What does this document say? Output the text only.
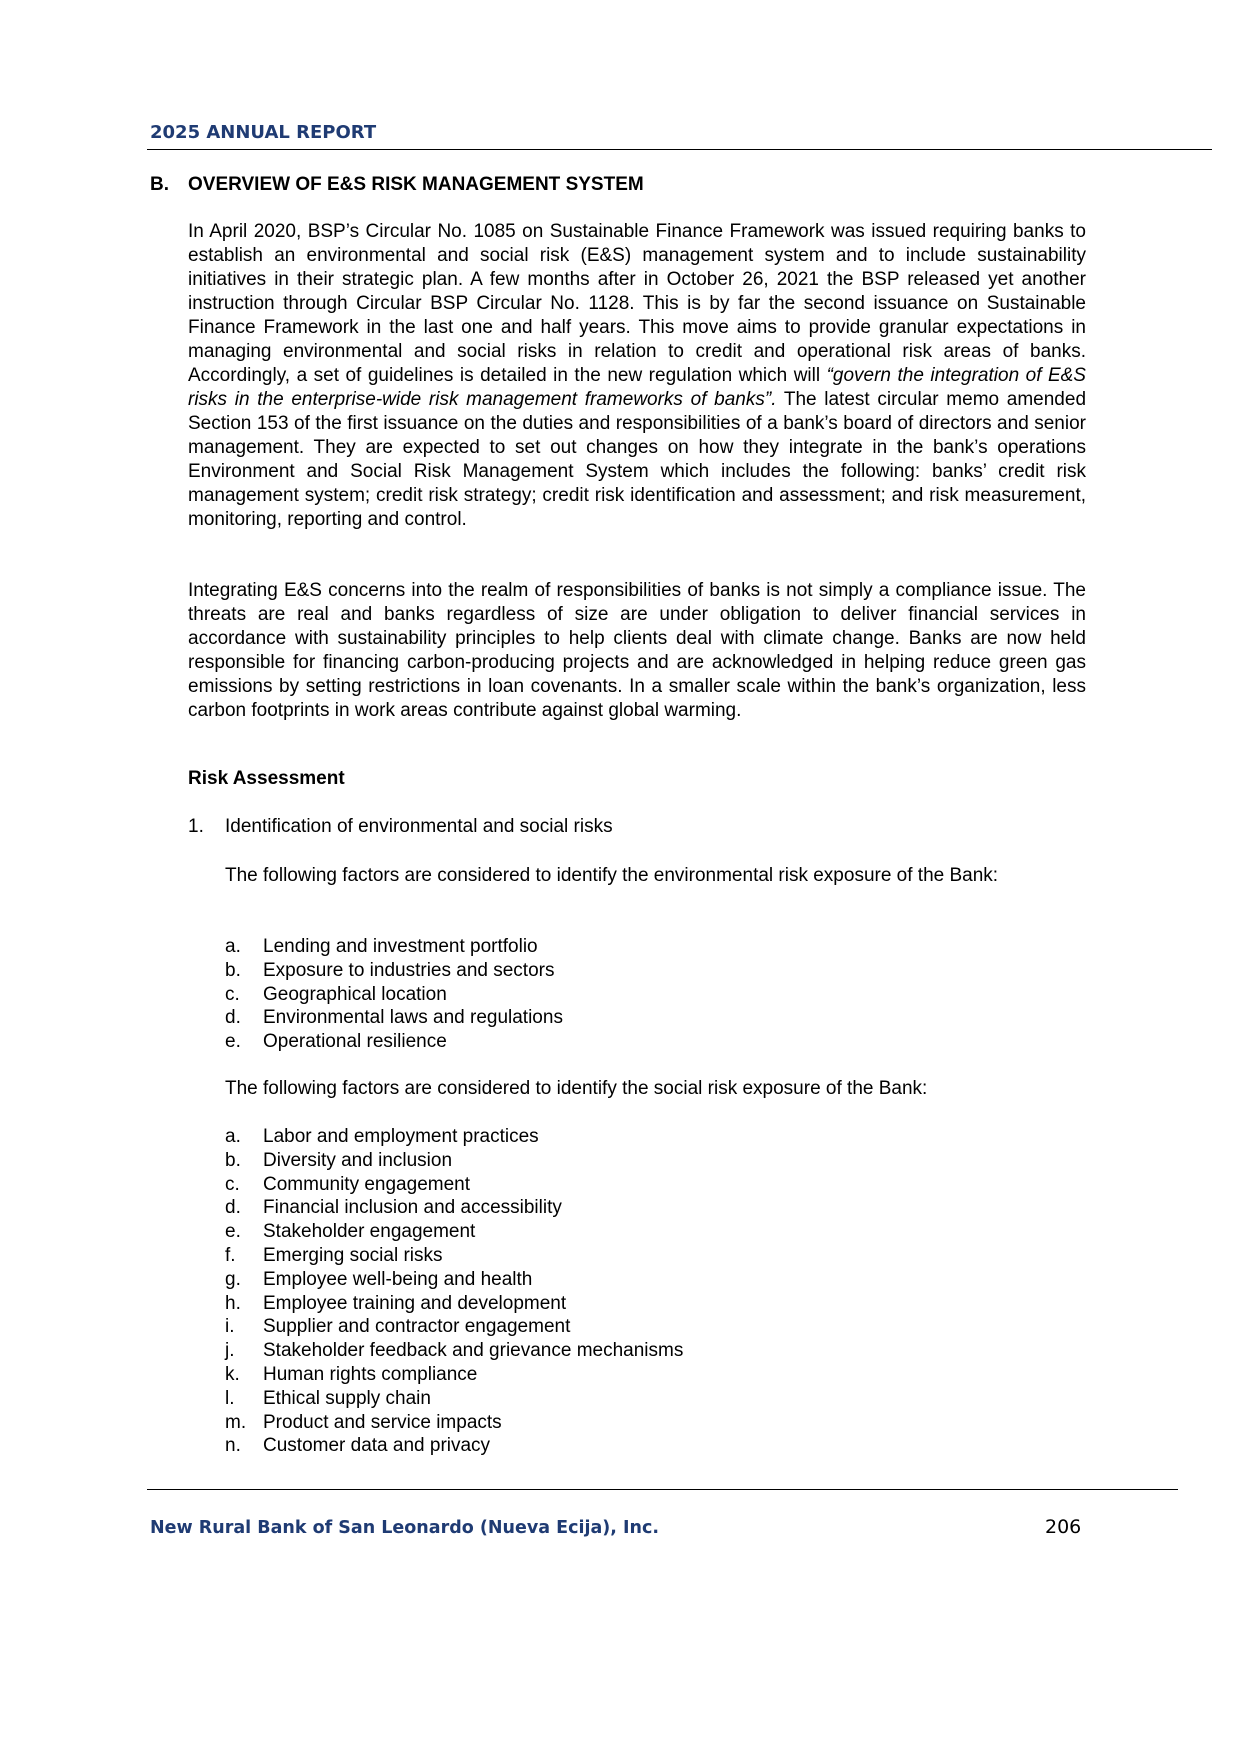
2025 ANNUAL REPORT
B. OVERVIEW OF E&S RISK MANAGEMENT SYSTEM
In April 2020, BSP’s Circular No. 1085 on Sustainable Finance Framework was issued requiring banks to establish an environmental and social risk (E&S) management system and to include sustainability initiatives in their strategic plan. A few months after in October 26, 2021 the BSP released yet another instruction through Circular BSP Circular No. 1128. This is by far the second issuance on Sustainable Finance Framework in the last one and half years. This move aims to provide granular expectations in managing environmental and social risks in relation to credit and operational risk areas of banks. Accordingly, a set of guidelines is detailed in the new regulation which will “govern the integration of E&S risks in the enterprise-wide risk management frameworks of banks”. The latest circular memo amended Section 153 of the first issuance on the duties and responsibilities of a bank’s board of directors and senior management. They are expected to set out changes on how they integrate in the bank’s operations Environment and Social Risk Management System which includes the following: banks’ credit risk management system; credit risk strategy; credit risk identification and assessment; and risk measurement, monitoring, reporting and control.
Integrating E&S concerns into the realm of responsibilities of banks is not simply a compliance issue. The threats are real and banks regardless of size are under obligation to deliver financial services in accordance with sustainability principles to help clients deal with climate change. Banks are now held responsible for financing carbon-producing projects and are acknowledged in helping reduce green gas emissions by setting restrictions in loan covenants. In a smaller scale within the bank’s organization, less carbon footprints in work areas contribute against global warming.
Risk Assessment
1. Identification of environmental and social risks
The following factors are considered to identify the environmental risk exposure of the Bank:
a.	Lending and investment portfolio
b.	Exposure to industries and sectors
c.	Geographical location
d.	Environmental laws and regulations
e.	Operational resilience
The following factors are considered to identify the social risk exposure of the Bank:
a.	Labor and employment practices
b.	Diversity and inclusion
c.	Community engagement
d.	Financial inclusion and accessibility
e.	Stakeholder engagement
f.	Emerging social risks
g.	Employee well-being and health
h.	Employee training and development
i.	Supplier and contractor engagement
j.	Stakeholder feedback and grievance mechanisms
k.	Human rights compliance
l.	Ethical supply chain
m. Product and service impacts
n.	Customer data and privacy
New Rural Bank of San Leonardo (Nueva Ecija), Inc.	206
